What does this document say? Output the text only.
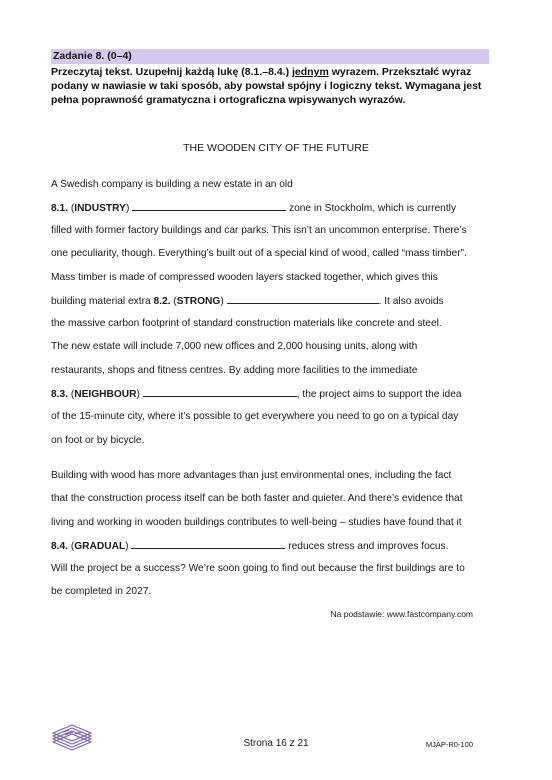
Zadanie 8. (0–4)
Przeczytaj tekst. Uzupełnij każdą lukę (8.1.–8.4.) jednym wyrazem. Przekształć wyraz
podany w nawiasie w taki sposób, aby powstał spójny i logiczny tekst. Wymagana jest
pełna poprawność gramatyczna i ortograficzna wpisywanych wyrazów.
THE WOODEN CITY OF THE FUTURE
A Swedish company is building a new estate in an old
8.1. (INDUSTRY)	zone in Stockholm, which is currently
filled with former factory buildings and car parks. This isn’t an uncommon enterprise. There’s
one peculiarity, though. Everything’s built out of a special kind of wood, called “mass timber”.
Mass timber is made of compressed wooden layers stacked together, which gives this
building material extra 8.2. (STRONG)	. It also avoids
the massive carbon footprint of standard construction materials like concrete and steel.
The new estate will include 7,000 new offices and 2,000 housing units, along with
restaurants, shops and fitness centres. By adding more facilities to the immediate
8.3. (NEIGHBOUR)	, the project aims to support the idea
of the 15-minute city, where it’s possible to get everywhere you need to go on a typical day
on foot or by bicycle.
Building with wood has more advantages than just environmental ones, including the fact
that the construction process itself can be both faster and quieter. And there’s evidence that
living and working in wooden buildings contributes to well-being – studies have found that it
8.4. (GRADUAL)	reduces stress and improves focus.
Will the project be a success? We’re soon going to find out because the first buildings are to
be completed in 2027.
Na podstawie: www.fastcompany.com
Strona 16 z 21	MJAP-R0-100
